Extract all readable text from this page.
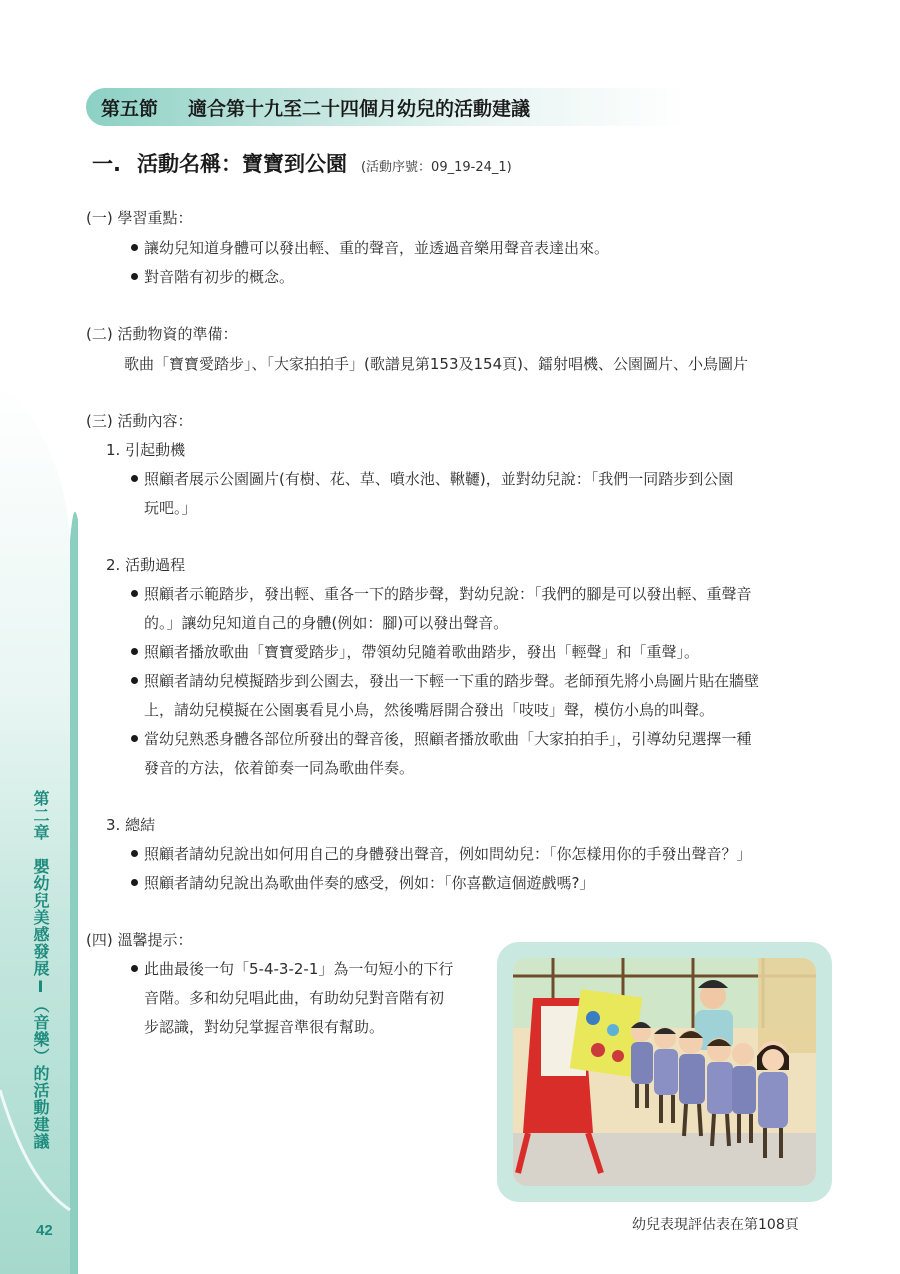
第二章　嬰幼兒美感發展I（音樂）的活動建議
42
第五節 適合第十九至二十四個月幼兒的活動建議
一. 活動名稱：寶寶到公園 (活動序號：09_19-24_1)
(一) 學習重點：
讓幼兒知道身體可以發出輕、重的聲音，並透過音樂用聲音表達出來。
對音階有初步的概念。
(二) 活動物資的準備：
歌曲「寶寶愛踏步」、「大家拍拍手」(歌譜見第153及154頁)、鐳射唱機、公園圖片、小鳥圖片
(三) 活動內容：
1. 引起動機
照顧者展示公園圖片(有樹、花、草、噴水池、鞦韆)，並對幼兒說：「我們一同踏步到公園
玩吧。」
2. 活動過程
照顧者示範踏步，發出輕、重各一下的踏步聲，對幼兒說：「我們的腳是可以發出輕、重聲音
的。」讓幼兒知道自己的身體(例如：腳)可以發出聲音。
照顧者播放歌曲「寶寶愛踏步」，帶領幼兒隨着歌曲踏步，發出「輕聲」和「重聲」。
照顧者請幼兒模擬踏步到公園去，發出一下輕一下重的踏步聲。老師預先將小鳥圖片貼在牆壁
上，請幼兒模擬在公園裏看見小鳥，然後嘴唇開合發出「吱吱」聲，模仿小鳥的叫聲。
當幼兒熟悉身體各部位所發出的聲音後，照顧者播放歌曲「大家拍拍手」，引導幼兒選擇一種
發音的方法，依着節奏一同為歌曲伴奏。
3. 總結
照顧者請幼兒說出如何用自己的身體發出聲音，例如問幼兒：「你怎樣用你的手發出聲音？」
照顧者請幼兒說出為歌曲伴奏的感受，例如：「你喜歡這個遊戲嗎?」
(四) 溫馨提示：
此曲最後一句「5-4-3-2-1」為一句短小的下行
音階。多和幼兒唱此曲，有助幼兒對音階有初
步認識，對幼兒掌握音準很有幫助。
幼兒表現評估表在第108頁
